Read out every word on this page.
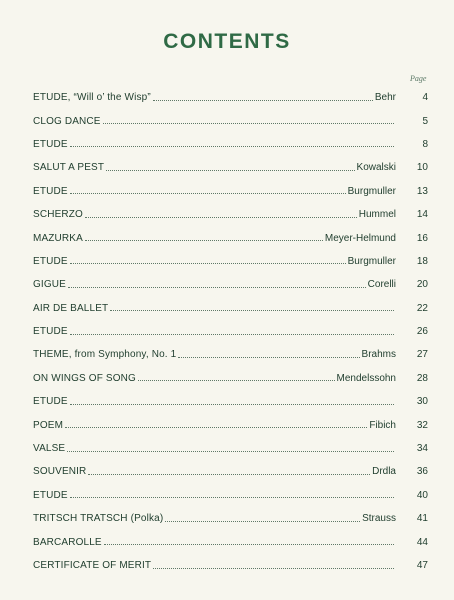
CONTENTS
Page
ETUDE, “Will o’ the Wisp”	Behr	4
CLOG DANCE	5
ETUDE	8
SALUT A PEST	Kowalski	10
ETUDE	Burgmuller	13
SCHERZO	Hummel	14
MAZURKA	Meyer-Helmund	16
ETUDE	Burgmuller	18
GIGUE	Corelli	20
AIR DE BALLET	22
ETUDE	26
THEME, from Symphony, No. 1	Brahms	27
ON WINGS OF SONG	Mendelssohn	28
ETUDE	30
POEM	Fibich	32
VALSE	34
SOUVENIR	Drdla	36
ETUDE	40
TRITSCH TRATSCH (Polka)	Strauss	41
BARCAROLLE	44
CERTIFICATE OF MERIT	47
